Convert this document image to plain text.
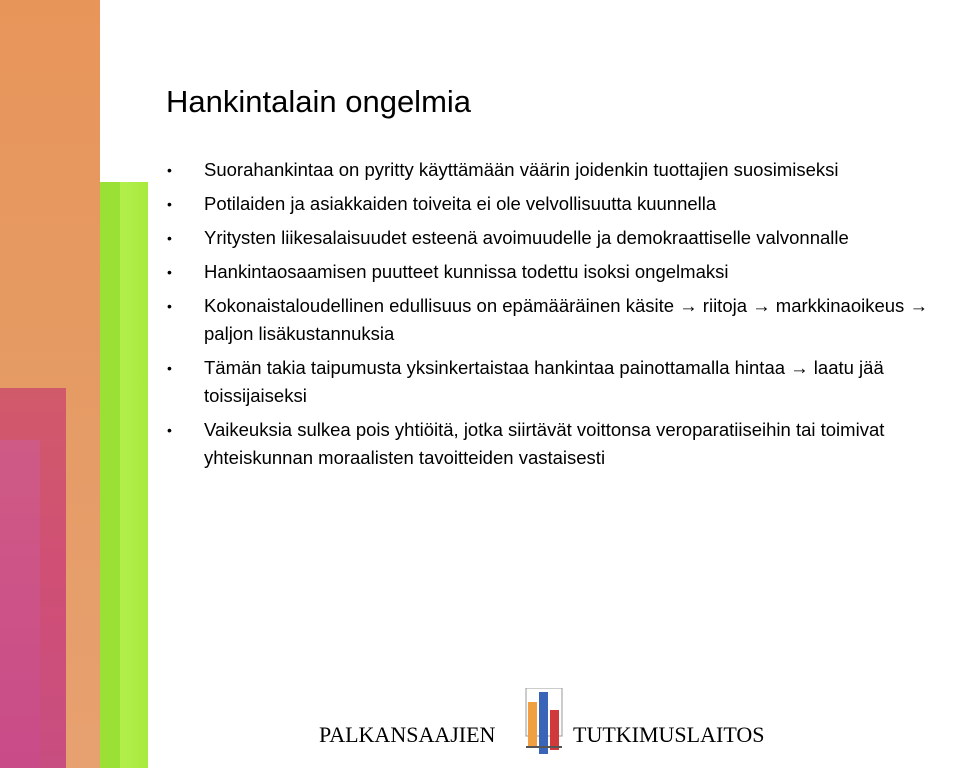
Hankintalain ongelmia
• Suorahankintaa on pyritty käyttämään väärin joidenkin tuottajien suosimiseksi
• Potilaiden ja asiakkaiden toiveita ei ole velvollisuutta kuunnella
• Yritysten liikesalaisuudet esteenä avoimuudelle ja demokraattiselle valvonnalle
• Hankintaosaamisen puutteet kunnissa todettu isoksi ongelmaksi
• Kokonaistaloudellinen edullisuus on epämääräinen käsite → riitoja → markkinaoikeus → paljon lisäkustannuksia
• Tämän takia taipumusta yksinkertaistaa hankintaa painottamalla hintaa → laatu jää toissijaiseksi
• Vaikeuksia sulkea pois yhtiöitä, jotka siirtävät voittonsa veroparatiiseihin tai toimivat yhteiskunnan moraalisten tavoitteiden vastaisesti
PALKANSAAJIEN	TUTKIMUSLAITOS
